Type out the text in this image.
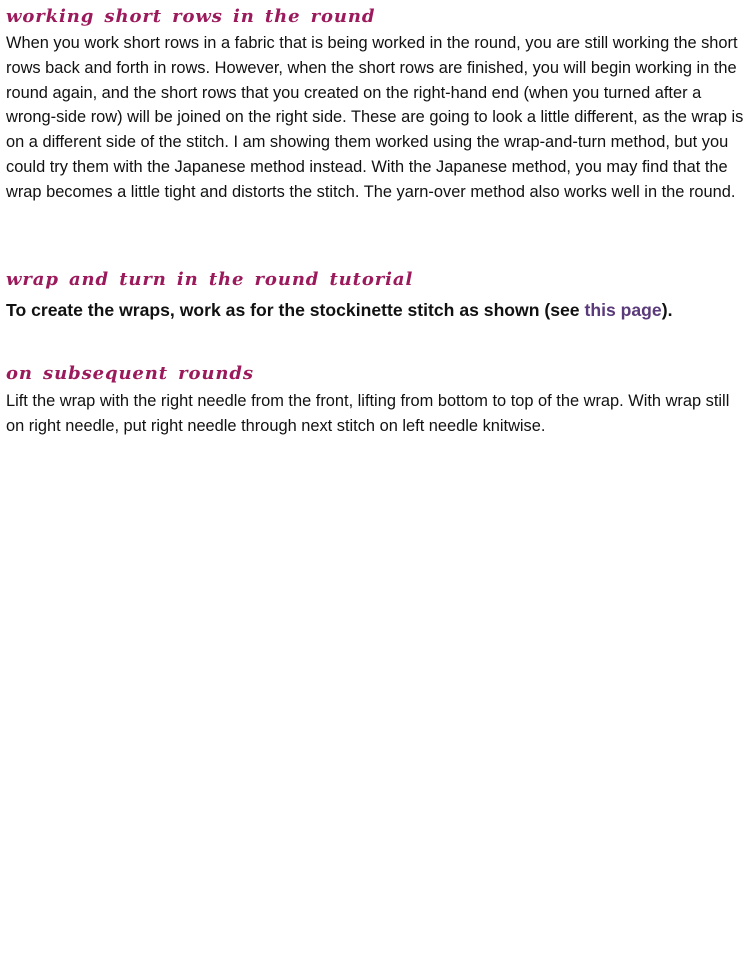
working short rows in the round

When you work short rows in a fabric that is being worked in the round, you are still working the short rows back and forth in rows. However, when the short rows are finished, you will begin working in the round again, and the short rows that you created on the right-hand end (when you turned after a wrong-side row) will be joined on the right side. These are going to look a little different, as the wrap is on a different side of the stitch. I am showing them worked using the wrap-and-turn method, but you could try them with the Japanese method instead. With the Japanese method, you may find that the wrap becomes a little tight and distorts the stitch. The yarn-over method also works well in the round.

wrap and turn in the round tutorial

To create the wraps, work as for the stockinette stitch as shown (see this page).

on subsequent rounds

Lift the wrap with the right needle from the front, lifting from bottom to top of the wrap. With wrap still on right needle, put right needle through next stitch on left needle knitwise.
